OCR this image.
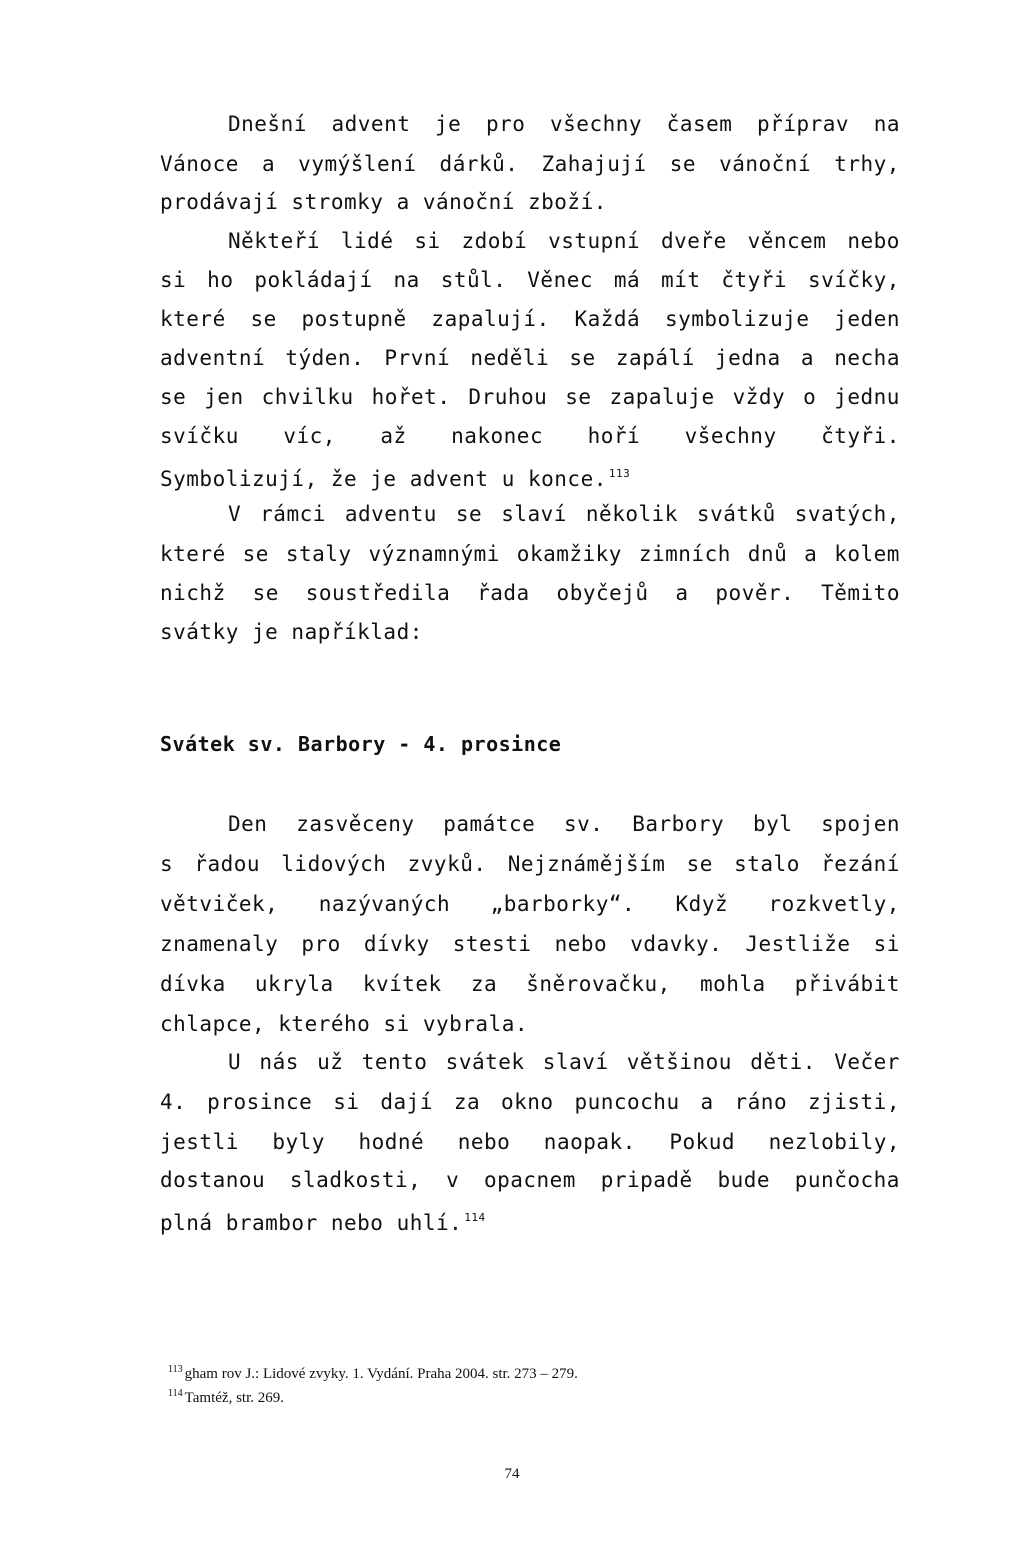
Dnešní advent je pro všechny časem příprav na
Vánoce a vymýšlení dárků. Zahajují se vánoční trhy,
prodávají stromky a vánoční zboží.
Někteří lidé si zdobí vstupní dveře věncem nebo
si ho pokládají na stůl. Věnec má mít čtyři svíčky,
které se postupně zapalují. Každá symbolizuje jeden
adventní týden. První neděli se zapálí jedna a necha
se jen chvilku hořet. Druhou se zapaluje vždy o jednu
svíčku víc, až nakonec hoří všechny čtyři.
Symbolizují, že je advent u konce. $^{113}$
V rámci adventu se slaví několik svátků svatých,
které se staly významnými okamžiky zimních dnů a kolem
nichž se soustředila řada obyčejů a pověr. Těmito
svátky je například:
Svátek sv. Barbory - 4. prosince
Den zasvěceny památce sv. Barbory byl spojen
s řadou lidových zvyků. Nejznámějším se stalo řezání
větviček, nazývaných „barborky“. Když rozkvetly,
znamenaly pro dívky stesti nebo vdavky. Jestliže si
dívka ukryla kvítek za šněrovačku, mohla přivábit
chlapce, kterého si vybrala.
U nás už tento svátek slaví většinou děti. Večer
4. prosince si dají za okno puncochu a ráno zjisti,
jestli byly hodné nebo naopak. Pokud nezlobily,
dostanou sladkosti, v opacnem pripadě bude punčocha
plná brambor nebo uhlí. $^{114}$
$^{113}$ gham rov J.: Lidové zvyky. 1. Vydání. Praha 2004. str. 273 – 279.
$^{114}$ Tamtéž, str. 269.
74
